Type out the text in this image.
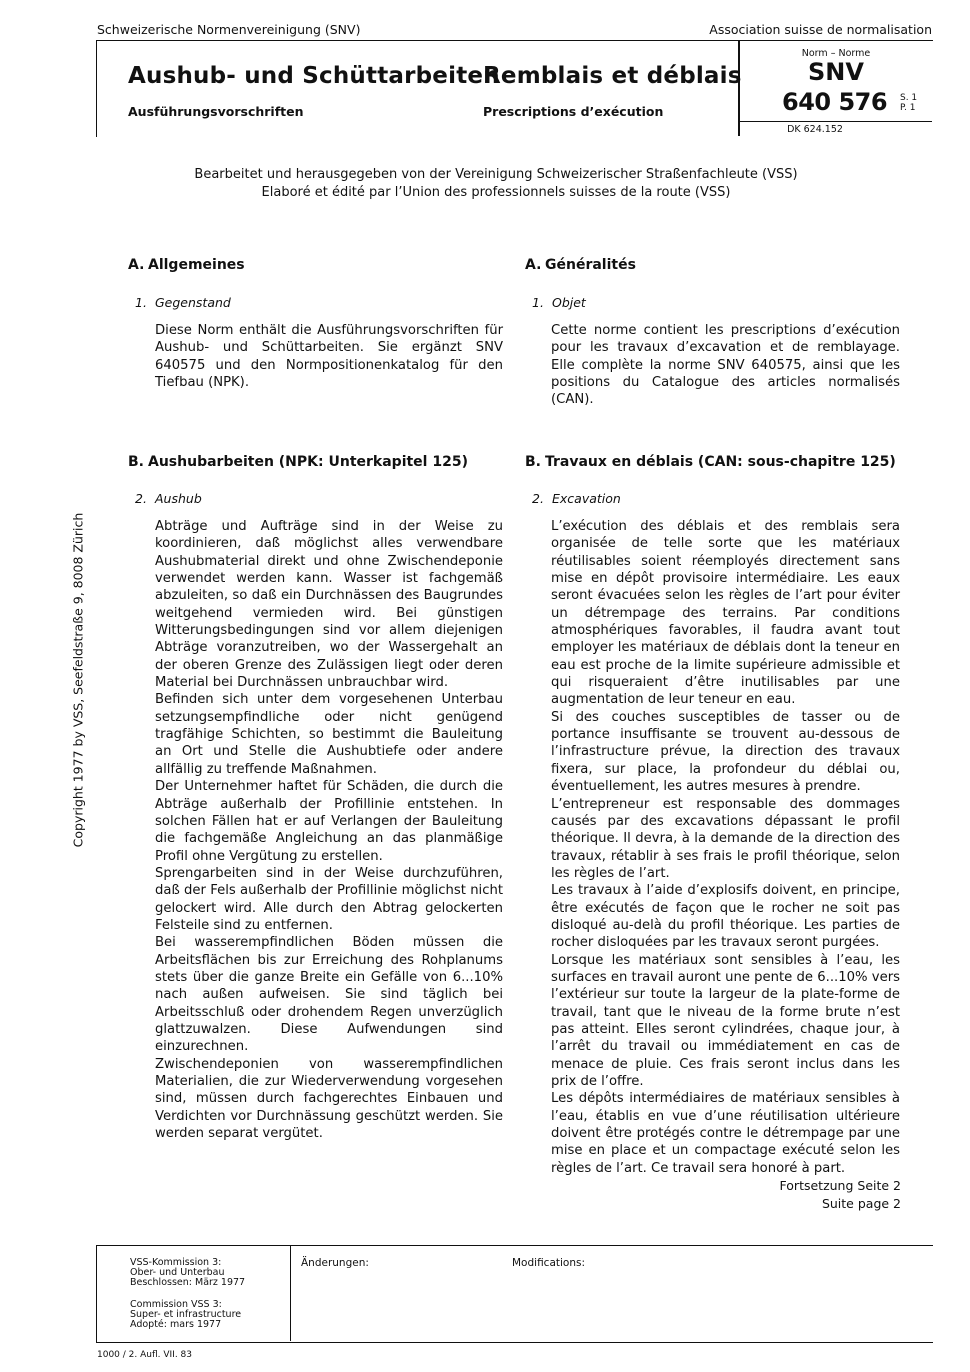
Schweizerische Normenvereinigung (SNV)	Association suisse de normalisation
Aushub- und Schüttarbeiten
Ausführungsvorschriften
Remblais et déblais
Prescriptions d’exécution
Norm – Norme
SNV
640 576 S. 1
P. 1
DK 624.152
Bearbeitet und herausgegeben von der Vereinigung Schweizerischer Straßenfachleute (VSS)
Elaboré et édité par l’Union des professionnels suisses de la route (VSS)
A. Allgemeines	A. Généralités
1. Gegenstand	1. Objet

Diese Norm enthält die Ausführungsvorschriften für Aushub- und Schüttarbeiten. Sie ergänzt SNV 640575 und den Normpositionenkatalog für den Tiefbau (NPK).

Cette norme contient les prescriptions d’exécution pour les travaux d’excavation et de remblayage. Elle complète la norme SNV 640575, ainsi que les positions du Catalogue des articles normalisés (CAN).

B. Aushubarbeiten (NPK: Unterkapitel 125)	B. Travaux en déblais (CAN: sous-chapitre 125)
2. Aushub	2. Excavation

Abträge und Aufträge sind in der Weise zu koordinieren, daß möglichst alles verwendbare Aushubmaterial direkt und ohne Zwischendeponie verwendet werden kann. Wasser ist fachgemäß abzuleiten, so daß ein Durchnässen des Baugrundes weitgehend vermieden wird. Bei günstigen Witterungsbedingungen sind vor allem diejenigen Abträge voranzutreiben, wo der Wassergehalt an der oberen Grenze des Zulässigen liegt oder deren Material bei Durchnässen unbrauchbar wird.

Befinden sich unter dem vorgesehenen Unterbau setzungsempfindliche oder nicht genügend tragfähige Schichten, so bestimmt die Bauleitung an Ort und Stelle die Aushubtiefe oder andere allfällig zu treffende Maßnahmen.

Der Unternehmer haftet für Schäden, die durch die Abträge außerhalb der Profillinie entstehen. In solchen Fällen hat er auf Verlangen der Bauleitung die fachgemäße Angleichung an das planmäßige Profil ohne Vergütung zu erstellen.

Sprengarbeiten sind in der Weise durchzuführen, daß der Fels außerhalb der Profillinie möglichst nicht gelockert wird. Alle durch den Abtrag gelockerten Felsteile sind zu entfernen.

Bei wasserempfindlichen Böden müssen die Arbeitsflächen bis zur Erreichung des Rohplanums stets über die ganze Breite ein Gefälle von 6...10% nach außen aufweisen. Sie sind täglich bei Arbeitsschluß oder drohendem Regen unverzüglich glattzuwalzen. Diese Aufwendungen sind einzurechnen.

Zwischendeponien von wasserempfindlichen Materialien, die zur Wiederverwendung vorgesehen sind, müssen durch fachgerechtes Einbauen und Verdichten vor Durchnässung geschützt werden. Sie werden separat vergütet.

L’exécution des déblais et des remblais sera organisée de telle sorte que les matériaux réutilisables soient réemployés directement sans mise en dépôt provisoire intermédiaire. Les eaux seront évacuées selon les règles de l’art pour éviter un détrempage des terrains. Par conditions atmosphériques favorables, il faudra avant tout employer les matériaux de déblais dont la teneur en eau est proche de la limite supérieure admissible et qui risqueraient d’être inutilisables par une augmentation de leur teneur en eau.

Si des couches susceptibles de tasser ou de portance insuffisante se trouvent au-dessous de l’infrastructure prévue, la direction des travaux fixera, sur place, la profondeur du déblai ou, éventuellement, les autres mesures à prendre.

L’entrepreneur est responsable des dommages causés par des excavations dépassant le profil théorique. Il devra, à la demande de la direction des travaux, rétablir à ses frais le profil théorique, selon les règles de l’art.

Les travaux à l’aide d’explosifs doivent, en principe, être exécutés de façon que le rocher ne soit pas disloqué au-delà du profil théorique. Les parties de rocher disloquées par les travaux seront purgées.

Lorsque les matériaux sont sensibles à l’eau, les surfaces en travail auront une pente de 6...10% vers l’extérieur sur toute la largeur de la plate-forme de travail, tant que le niveau de la forme brute n’est pas atteint. Elles seront cylindrées, chaque jour, à l’arrêt du travail ou immédiatement en cas de menace de pluie. Ces frais seront inclus dans les prix de l’offre.

Les dépôts intermédiaires de matériaux sensibles à l’eau, établis en vue d’une réutilisation ultérieure doivent être protégés contre le détrempage par une mise en place et un compactage exécuté selon les règles de l’art. Ce travail sera honoré à part.

Fortsetzung Seite 2
Suite page 2
Copyright 1977 by VSS, Seefeldstraße 9, 8008 Zürich
VSS-Kommission 3:
Ober- und Unterbau
Beschlossen: März 1977
Commission VSS 3:
Super- et infrastructure
Adopté: mars 1977
Änderungen:	Modifications:
1000 / 2. Aufl. VII. 83
